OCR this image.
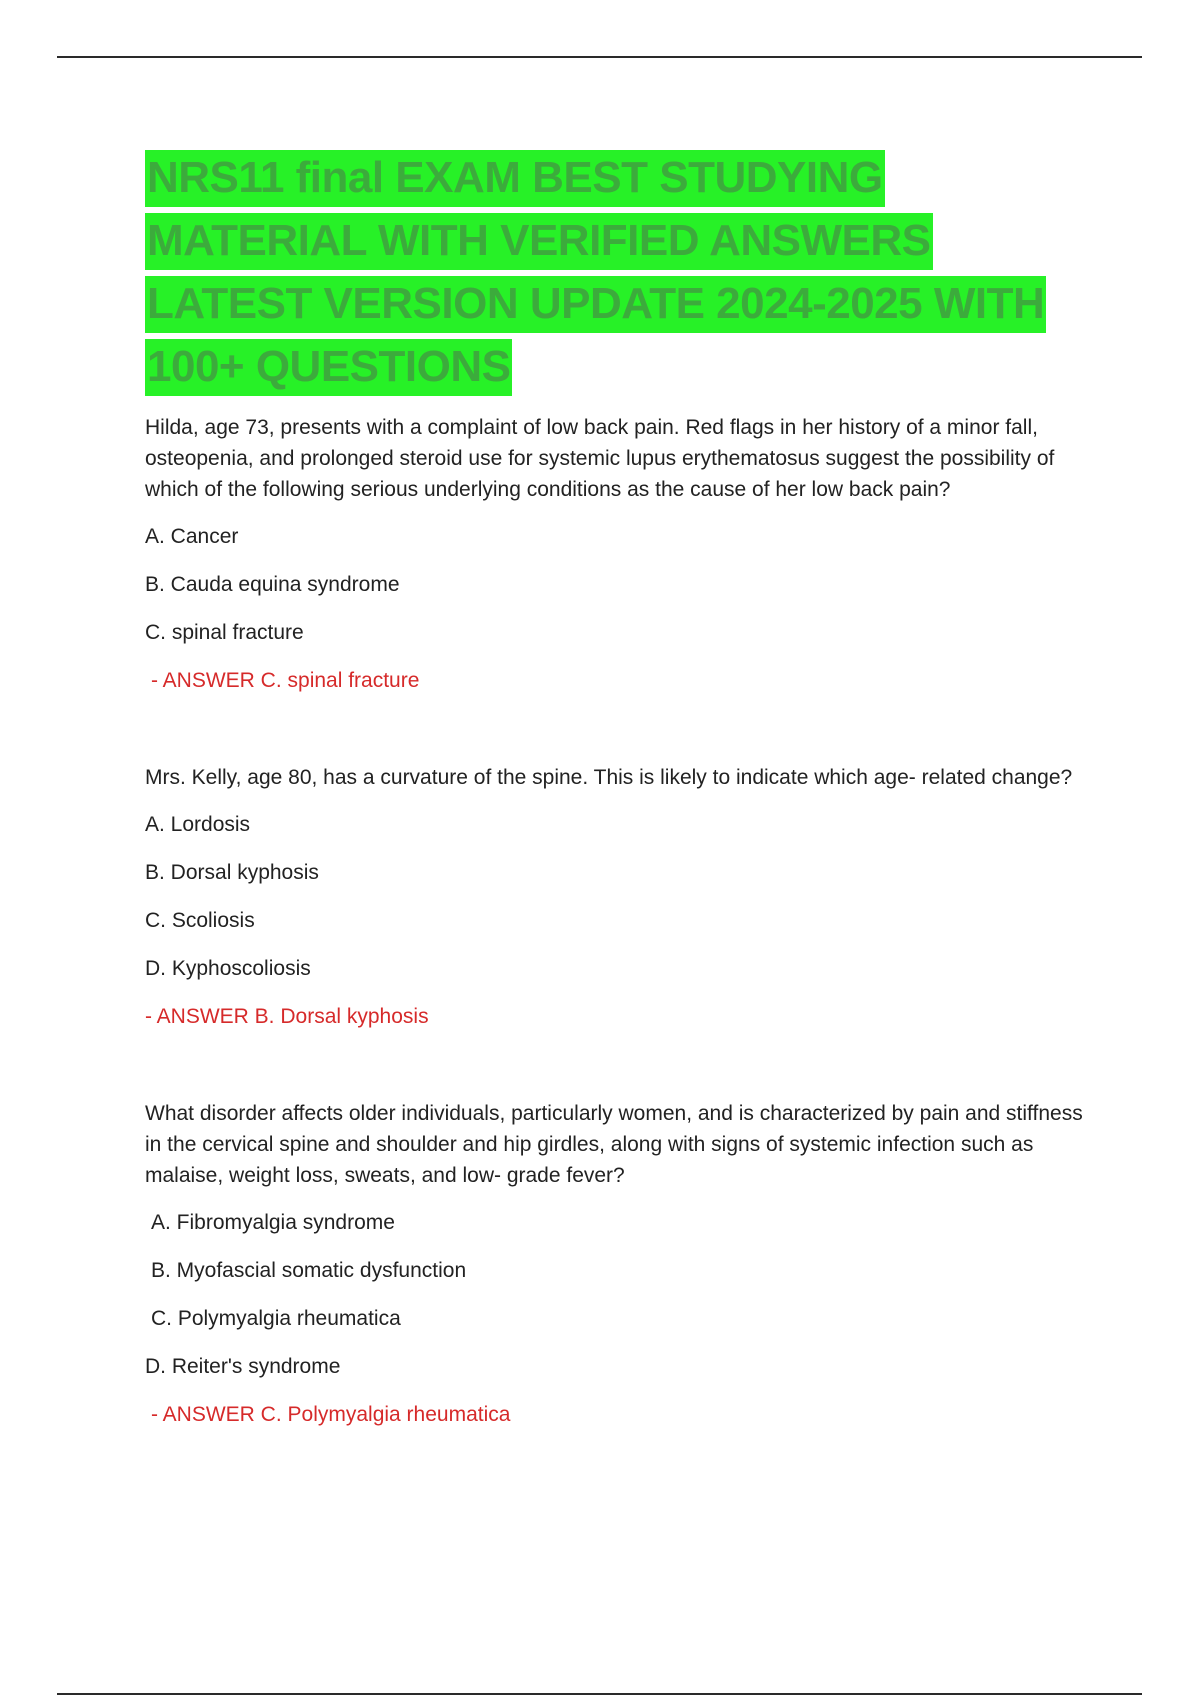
NRS11 final EXAM BEST STUDYING MATERIAL WITH VERIFIED ANSWERS LATEST VERSION UPDATE 2024-2025 WITH 100+ QUESTIONS

Hilda, age 73, presents with a complaint of low back pain. Red flags in her history of a minor fall, osteopenia, and prolonged steroid use for systemic lupus erythematosus suggest the possibility of which of the following serious underlying conditions as the cause of her low back pain?

A. Cancer

B. Cauda equina syndrome

C. spinal fracture

- ANSWER C. spinal fracture

Mrs. Kelly, age 80, has a curvature of the spine. This is likely to indicate which age- related change?

A. Lordosis

B. Dorsal kyphosis

C. Scoliosis

D. Kyphoscoliosis

- ANSWER B. Dorsal kyphosis

What disorder affects older individuals, particularly women, and is characterized by pain and stiffness in the cervical spine and shoulder and hip girdles, along with signs of systemic infection such as malaise, weight loss, sweats, and low- grade fever?

A. Fibromyalgia syndrome

B. Myofascial somatic dysfunction

C. Polymyalgia rheumatica

D. Reiter's syndrome

- ANSWER C. Polymyalgia rheumatica
